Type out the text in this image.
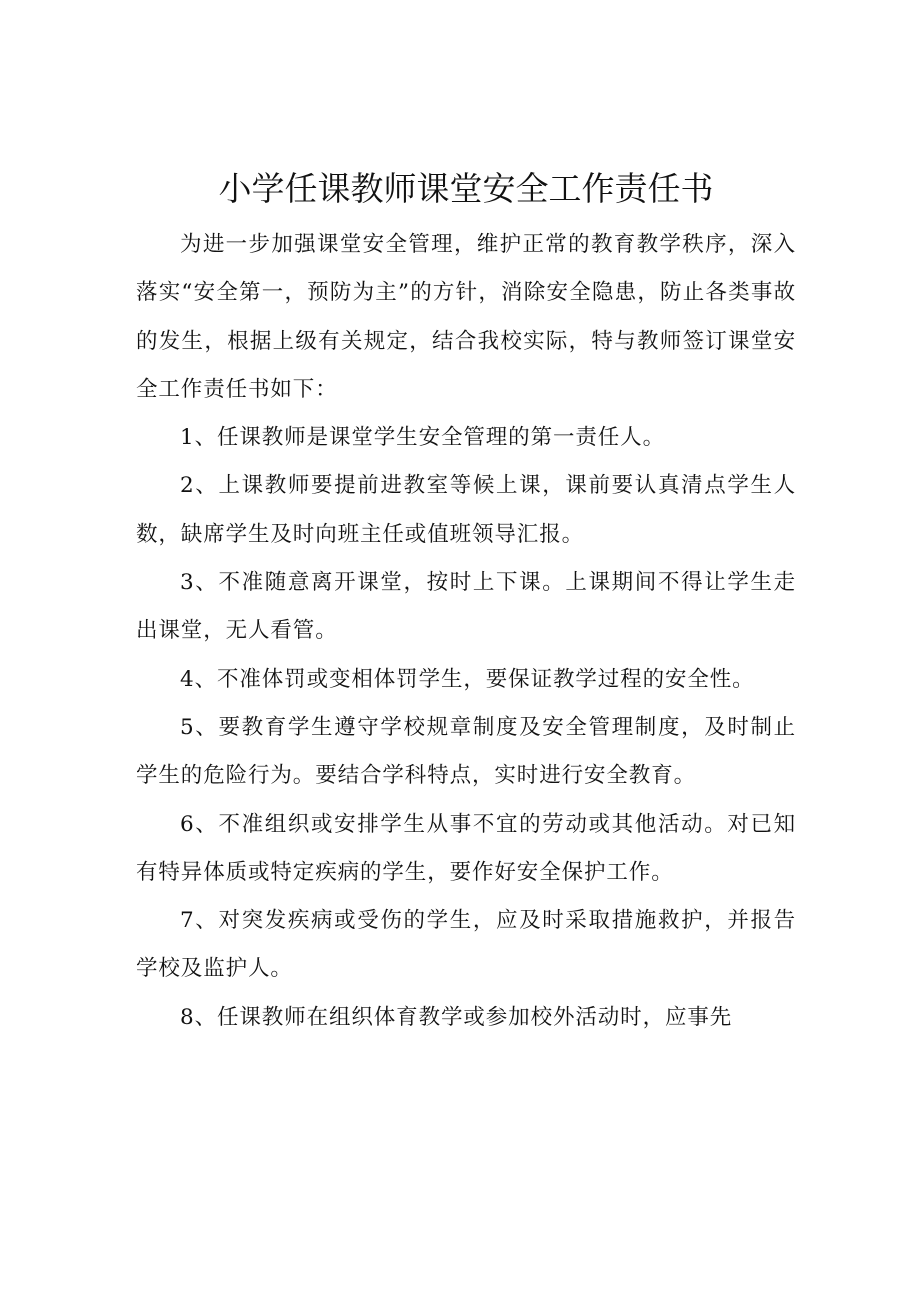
小学任课教师课堂安全工作责任书

为进一步加强课堂安全管理，维护正常的教育教学秩序，深入落实“安全第一，预防为主”的方针，消除安全隐患，防止各类事故的发生，根据上级有关规定，结合我校实际，特与教师签订课堂安全工作责任书如下：

1、任课教师是课堂学生安全管理的第一责任人。

2、上课教师要提前进教室等候上课，课前要认真清点学生人数，缺席学生及时向班主任或值班领导汇报。

3、不准随意离开课堂，按时上下课。上课期间不得让学生走出课堂，无人看管。

4、不准体罚或变相体罚学生，要保证教学过程的安全性。

5、要教育学生遵守学校规章制度及安全管理制度，及时制止学生的危险行为。要结合学科特点，实时进行安全教育。

6、不准组织或安排学生从事不宜的劳动或其他活动。对已知有特异体质或特定疾病的学生，要作好安全保护工作。

7、对突发疾病或受伤的学生，应及时采取措施救护，并报告学校及监护人。

8、任课教师在组织体育教学或参加校外活动时，应事先
